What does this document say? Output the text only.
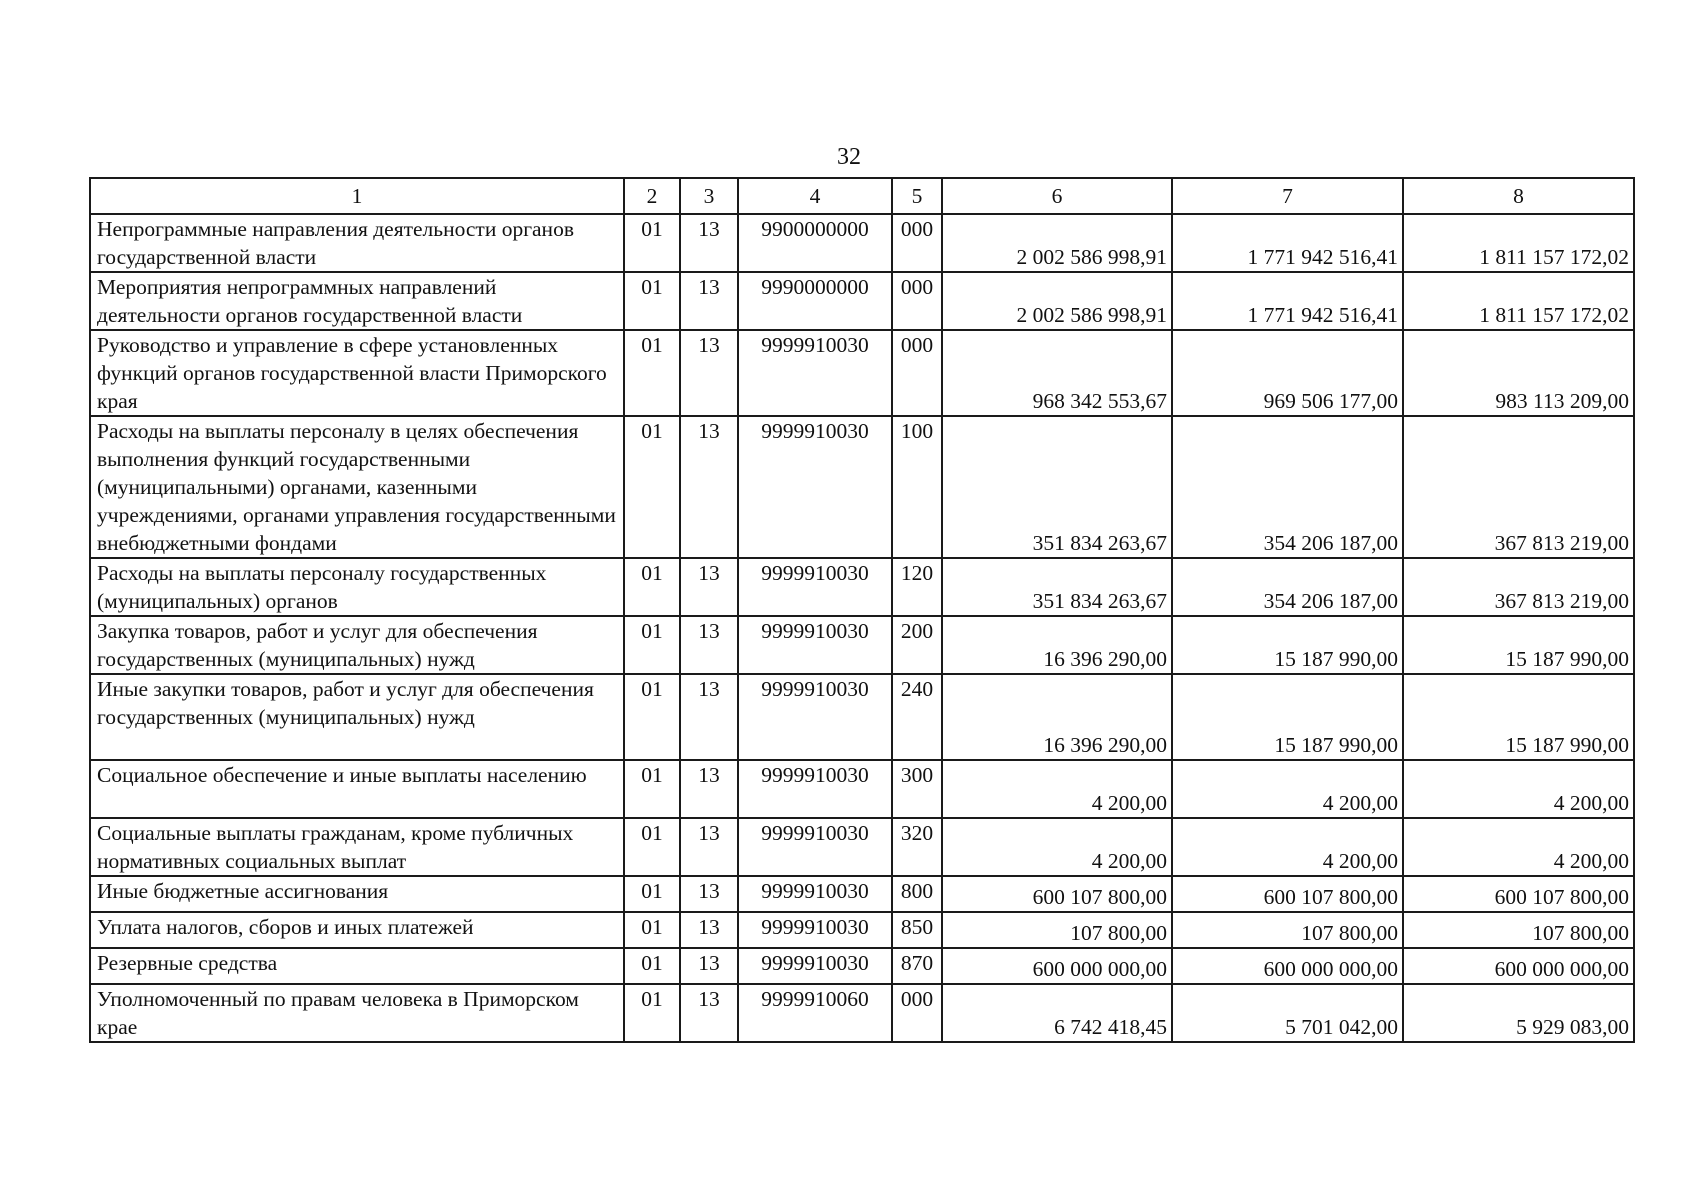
32
1	2	3	4	5	6	7	8
Непрограммные направления деятельности органов государственной власти	01	13	9900000000	000	2 002 586 998,91	1 771 942 516,41	1 811 157 172,02
Мероприятия непрограммных направлений деятельности органов государственной власти	01	13	9990000000	000	2 002 586 998,91	1 771 942 516,41	1 811 157 172,02
Руководство и управление в сфере установленных функций органов государственной власти Приморского края	01	13	9999910030	000	968 342 553,67	969 506 177,00	983 113 209,00
Расходы на выплаты персоналу в целях обеспечения выполнения функций государственными (муниципальными) органами, казенными учреждениями, органами управления государственными внебюджетными фондами	01	13	9999910030	100	351 834 263,67	354 206 187,00	367 813 219,00
Расходы на выплаты персоналу государственных (муниципальных) органов	01	13	9999910030	120	351 834 263,67	354 206 187,00	367 813 219,00
Закупка товаров, работ и услуг для обеспечения государственных (муниципальных) нужд	01	13	9999910030	200	16 396 290,00	15 187 990,00	15 187 990,00
Иные закупки товаров, работ и услуг для обеспечения государственных (муниципальных) нужд	01	13	9999910030	240	16 396 290,00	15 187 990,00	15 187 990,00
Социальное обеспечение и иные выплаты населению	01	13	9999910030	300	4 200,00	4 200,00	4 200,00
Социальные выплаты гражданам, кроме публичных нормативных социальных выплат	01	13	9999910030	320	4 200,00	4 200,00	4 200,00
Иные бюджетные ассигнования	01	13	9999910030	800	600 107 800,00	600 107 800,00	600 107 800,00
Уплата налогов, сборов и иных платежей	01	13	9999910030	850	107 800,00	107 800,00	107 800,00
Резервные средства	01	13	9999910030	870	600 000 000,00	600 000 000,00	600 000 000,00
Уполномоченный по правам человека в Приморском крае	01	13	9999910060	000	6 742 418,45	5 701 042,00	5 929 083,00
